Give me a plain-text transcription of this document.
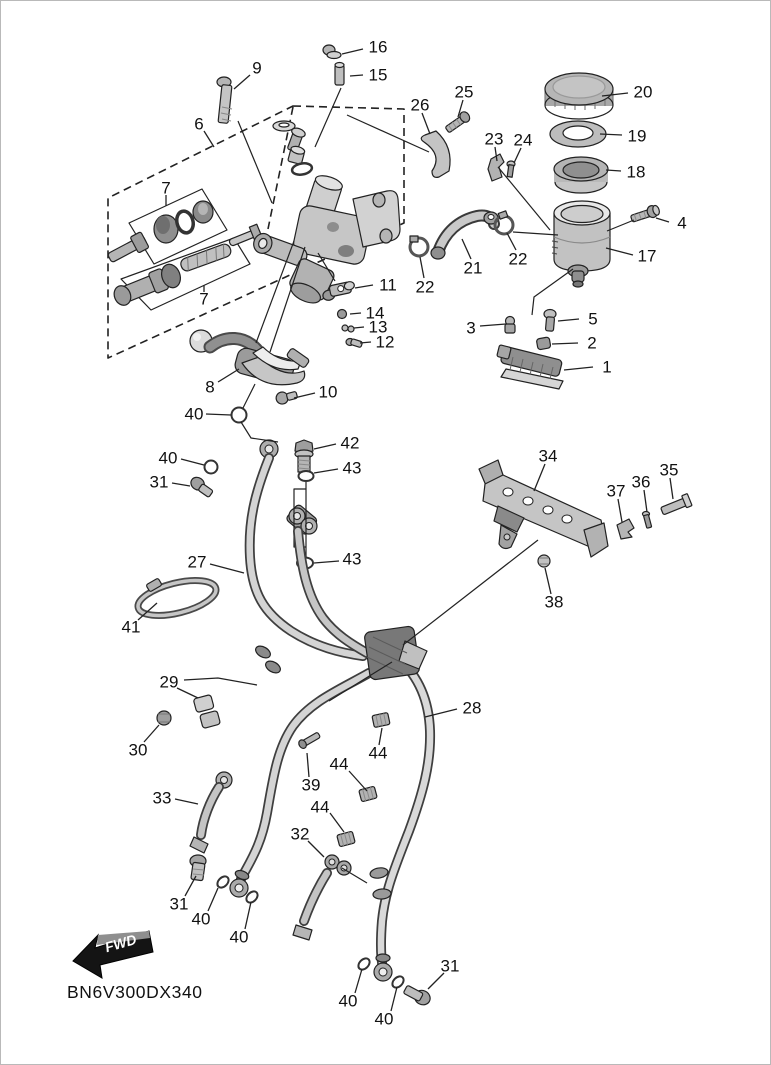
16
15
9
6
7
7
26
25
23 24
20
19
18
4
17
22
21
22
11
14
13
12
3	5
2
1
8	10
40
42
43
40
31
34
35
36
37
27	43
38
41
29
30
28
44
44
33
39
44
32
31
40
40
40
40
31
FWD
BN6V300DX340
